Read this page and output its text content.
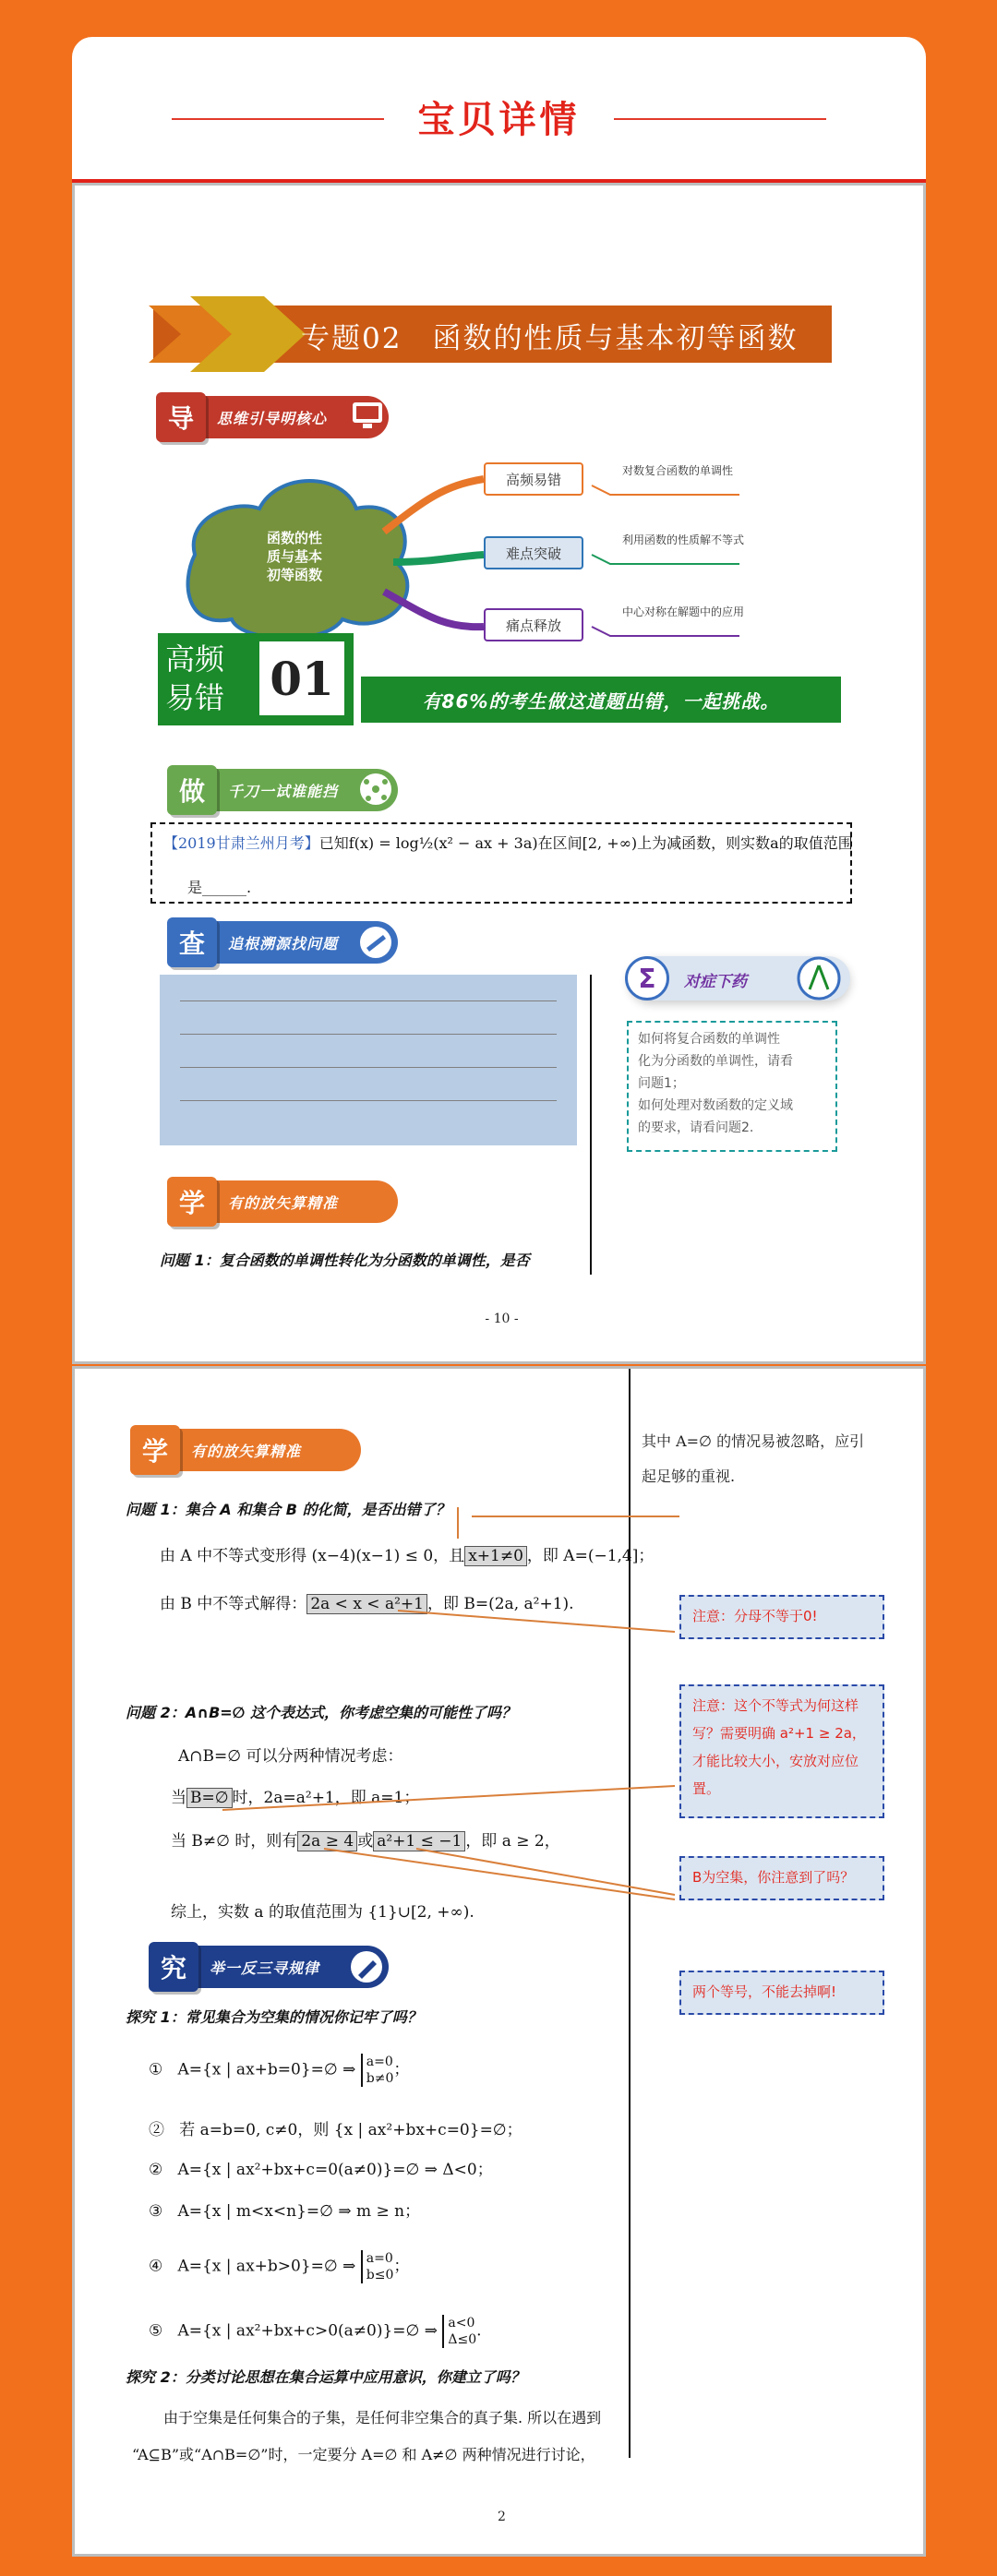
宝贝详情
专题02　函数的性质与基本初等函数
导	思维引导明核心
函数的性
质与基本
初等函数
高频易错
难点突破
痛点释放
对数复合函数的单调性
利用函数的性质解不等式
中心对称在解题中的应用
高频
易错 01	有86%的考生做这道题出错，一起挑战。
做	千刀一试谁能挡
【2019甘肃兰州月考】已知f(x) = log½(x² − ax + 3a)在区间[2, +∞)上为减函数，则实数a的取值范围
是______.
查	追根溯源找问题
Σ	对症下药
如何将复合函数的单调性
化为分函数的单调性，请看
问题1；
如何处理对数函数的定义域
的要求，请看问题2.
学	有的放矢算精准
问题 1：复合函数的单调性转化为分函数的单调性，是否
- 10 -
学	有的放矢算精准
其中 A=∅ 的情况易被忽略，应引
起足够的重视.
问题 1：集合 A 和集合 B 的化简，是否出错了？
由 A 中不等式变形得 (x−4)(x−1) ≤ 0，且 x+1≠0 ，即 A=(−1,4]；
由 B 中不等式解得： 2a < x < a²+1 ，即 B=(2a, a²+1).
注意：分母不等于0!
注意：这个不等式为何这样
写？需要明确 a²+1 ≥ 2a，
才能比较大小，安放对应位
置。
B为空集，你注意到了吗？
两个等号，不能去掉啊!
问题 2：A∩B=∅ 这个表达式，你考虑空集的可能性了吗？
A∩B=∅ 可以分两种情况考虑：
当 B=∅ 时，2a=a²+1，即 a=1；
当 B≠∅ 时，则有 2a ≥ 4 或 a²+1 ≤ −1 ，即 a ≥ 2，
综上，实数 a 的取值范围为 {1}∪[2, +∞).
究	举一反三寻规律
探究 1：常见集合为空集的情况你记牢了吗？
① A={x | ax+b=0}=∅ ⇒ a=0
b≠0；
② 若 a=b=0, c≠0，则 {x | ax²+bx+c=0}=∅；
② A={x | ax²+bx+c=0(a≠0)}=∅ ⇒ Δ<0；
③ A={x | m<x<n}=∅ ⇒ m ≥ n；
④ A={x | ax+b>0}=∅ ⇒ a=0
b≤0；
⑤ A={x | ax²+bx+c>0(a≠0)}=∅ ⇒ a<0
Δ≤0.
探究 2：分类讨论思想在集合运算中应用意识，你建立了吗？
由于空集是任何集合的子集，是任何非空集合的真子集. 所以在遇到
“A⊆B”或“A∩B=∅”时，一定要分 A=∅ 和 A≠∅ 两种情况进行讨论，
2
